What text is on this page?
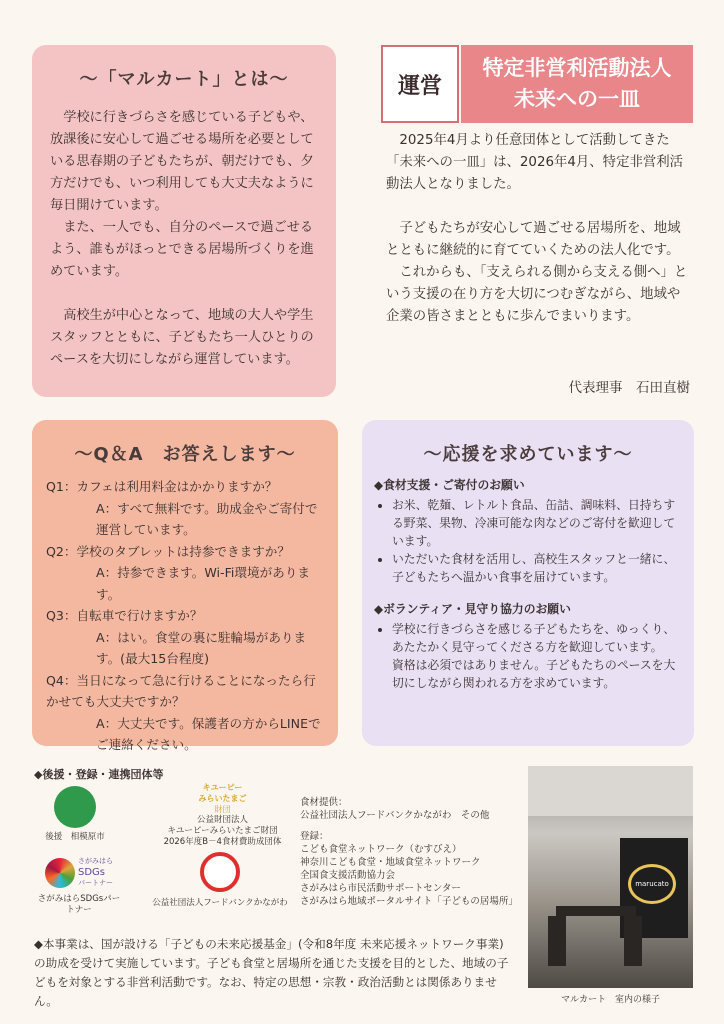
～「マルカート」とは～

学校に行きづらさを感じている子どもや、放課後に安心して過ごせる場所を必要としている思春期の子どもたちが、朝だけでも、夕方だけでも、いつ利用しても大丈夫なように毎日開けています。

また、一人でも、自分のペースで過ごせるよう、誰もがほっとできる居場所づくりを進めています。

高校生が中心となって、地域の大人や学生スタッフとともに、子どもたち一人ひとりのペースを大切にしながら運営しています。

運営
特定非営利活動法人
未来への一皿

2025年4月より任意団体として活動してきた「未来への一皿」は、2026年4月、特定非営利活動法人となりました。

子どもたちが安心して過ごせる居場所を、地域とともに継続的に育てていくための法人化です。

これからも、「支えられる側から支える側へ」という支援の在り方を大切につむぎながら、地域や企業の皆さまとともに歩んでまいります。

代表理事　石田直樹
～Q＆A　お答えします～

Q1：カフェは利用料金はかかりますか？

A：すべて無料です。助成金やご寄付で運営しています。

Q2：学校のタブレットは持参できますか？

A：持参できます。Wi-Fi環境があります。

Q3：自転車で行けますか？

A：はい。食堂の裏に駐輪場があります。(最大15台程度)

Q4：当日になって急に行けることになったら行かせても大丈夫ですか？

A：大丈夫です。保護者の方からLINEでご連絡ください。

～応援を求めています～

◆ 食材支援・ご寄付のお願い

• お米、乾麺、レトルト食品、缶詰、調味料、日持ちする野菜、果物、冷凍可能な肉などのご寄付を歓迎しています。
• いただいた食材を活用し、高校生スタッフと一緒に、子どもたちへ温かい食事を届けています。

◆ ボランティア・見守り協力のお願い

• 学校に行きづらさを感じる子どもたちを、ゆっくり、あたたかく見守ってくださる方を歓迎しています。
資格は必須ではありません。子どもたちのペースを大切にしながら関われる方を求めています。
◆後援・登録・連携団体等
後援　相模原市
キユーピー
みらいたまご
財団
公益財団法人
キユーピーみらいたまご財団
2026年度B－4食材費助成団体
さがみはら
SDGs
パートナー
さがみはらSDGsパートナー
公益社団法人フードバンクかながわ
食材提供：
公益社団法人フードバンクかながわ　その他
登録：
こども食堂ネットワーク（むすびえ）
神奈川こども食堂・地域食堂ネットワーク
全国食支援活動協力会
さがみはら市民活動サポートセンター
さがみはら地域ポータルサイト「子どもの居場所」
◆本事業は、国が設ける「子どもの未来応援基金」(令和8年度 未来応援ネットワーク事業) の助成を受けて実施しています。子ども食堂と居場所を通じた支援を目的とした、地域の子どもを対象とする非営利活動です。なお、特定の思想・宗教・政治活動とは関係ありません。
marucato
マルカート　室内の様子
